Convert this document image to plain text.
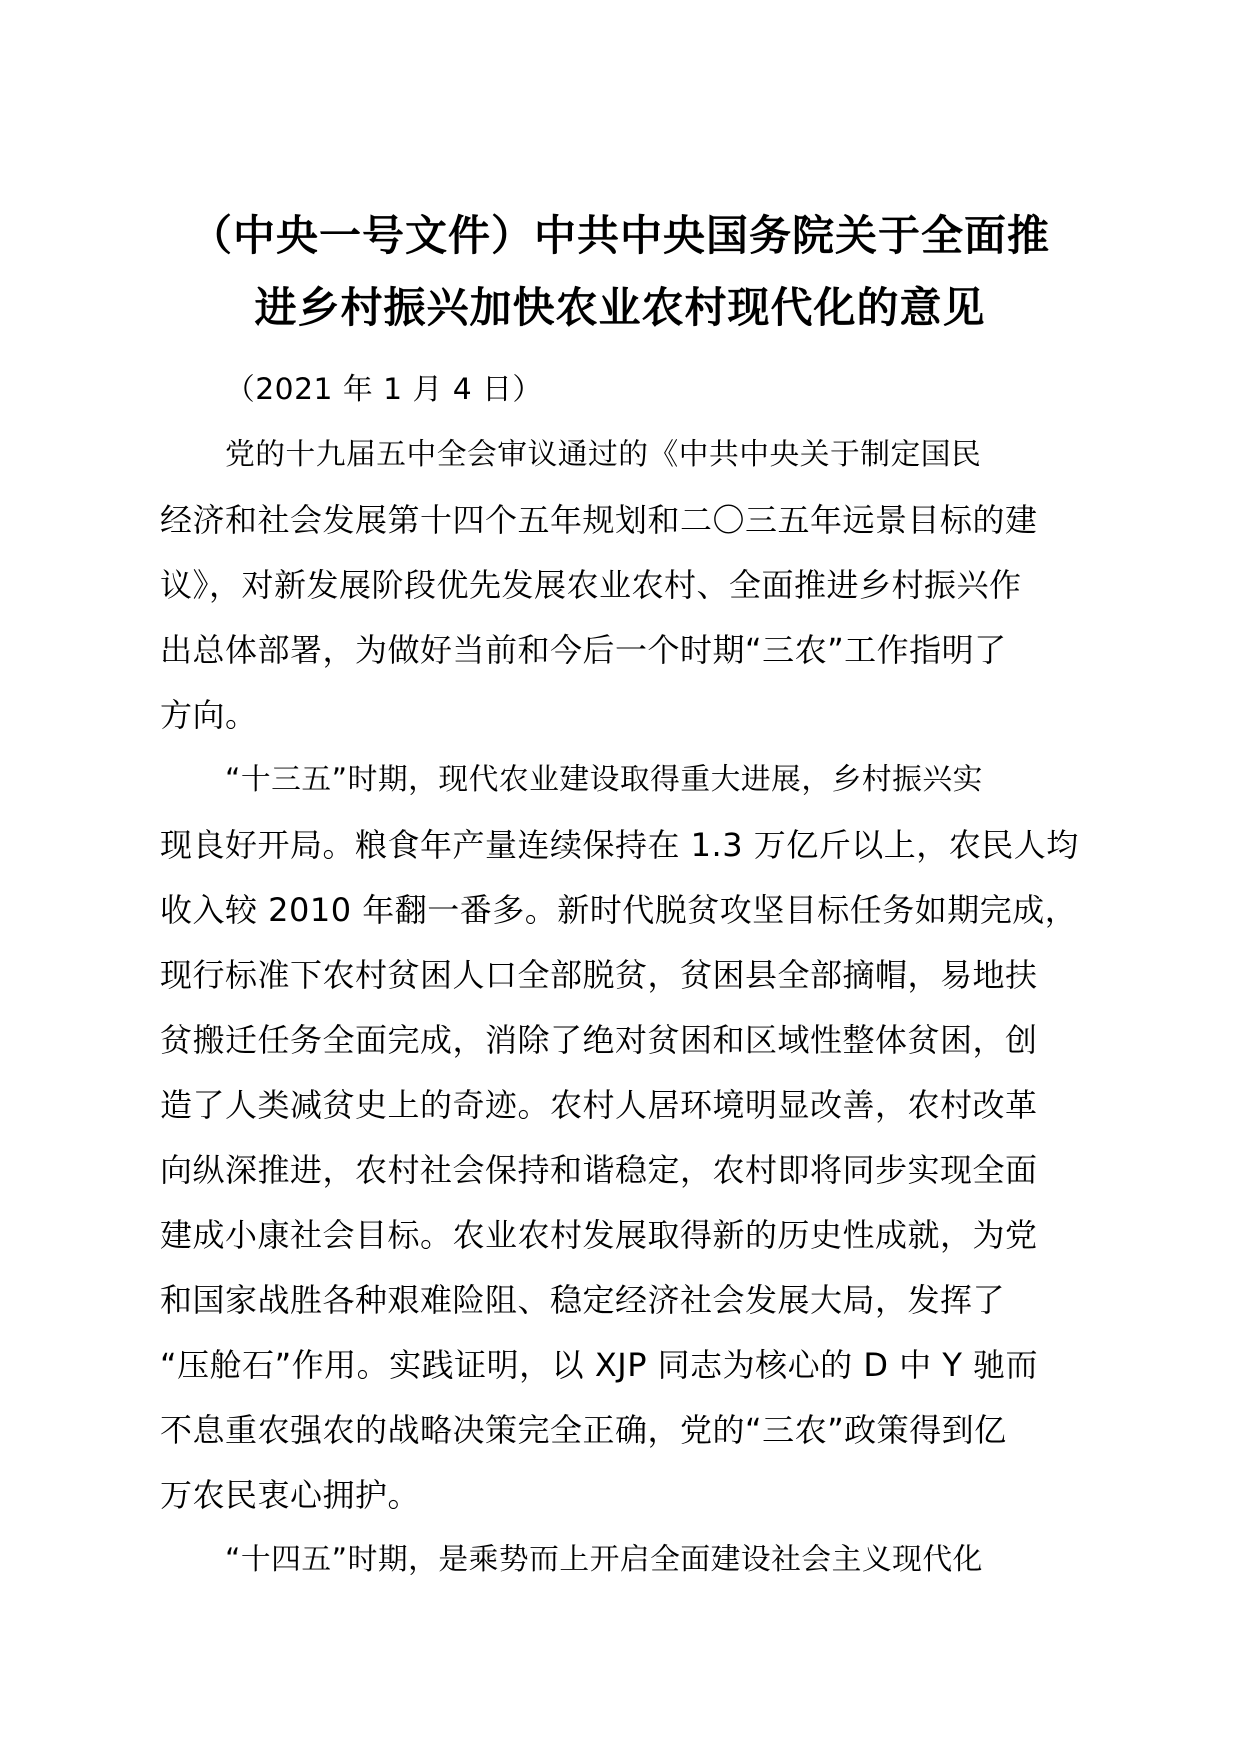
（中央一号文件）中共中央国务院关于全面推
进乡村振兴加快农业农村现代化的意见
（2021 年 1 月 4 日）
党的十九届五中全会审议通过的《中共中央关于制定国民
经济和社会发展第十四个五年规划和二〇三五年远景目标的建
议》，对新发展阶段优先发展农业农村、全面推进乡村振兴作
出总体部署，为做好当前和今后一个时期“三农”工作指明了
方向。
“十三五”时期，现代农业建设取得重大进展，乡村振兴实
现良好开局。粮食年产量连续保持在 1.3 万亿斤以上，农民人均
收入较 2010 年翻一番多。新时代脱贫攻坚目标任务如期完成，
现行标准下农村贫困人口全部脱贫，贫困县全部摘帽，易地扶
贫搬迁任务全面完成，消除了绝对贫困和区域性整体贫困，创
造了人类减贫史上的奇迹。农村人居环境明显改善，农村改革
向纵深推进，农村社会保持和谐稳定，农村即将同步实现全面
建成小康社会目标。农业农村发展取得新的历史性成就，为党
和国家战胜各种艰难险阻、稳定经济社会发展大局，发挥了
“压舱石”作用。实践证明，以 XJP 同志为核心的 D 中 Y 驰而
不息重农强农的战略决策完全正确，党的“三农”政策得到亿
万农民衷心拥护。
“十四五”时期，是乘势而上开启全面建设社会主义现代化
